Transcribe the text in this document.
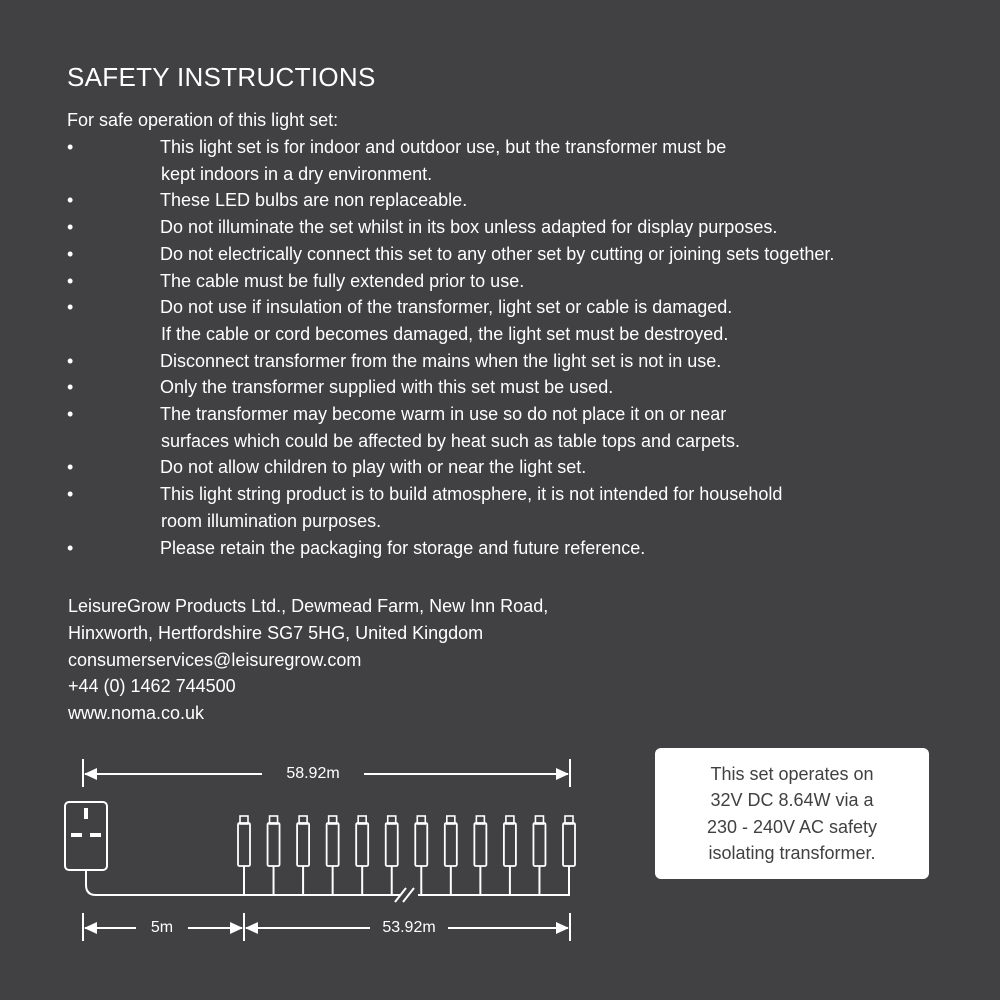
SAFETY INSTRUCTIONS
For safe operation of this light set:
•	This light set is for indoor and outdoor use, but the transformer must be
kept indoors in a dry environment.
•	These LED bulbs are non replaceable.
•	Do not illuminate the set whilst in its box unless adapted for display purposes.
•	Do not electrically connect this set to any other set by cutting or joining sets together.
•	The cable must be fully extended prior to use.
•	Do not use if insulation of the transformer, light set or cable is damaged.
If the cable or cord becomes damaged, the light set must be destroyed.
•	Disconnect transformer from the mains when the light set is not in use.
•	Only the transformer supplied with this set must be used.
•	The transformer may become warm in use so do not place it on or near
surfaces which could be affected by heat such as table tops and carpets.
•	Do not allow children to play with or near the light set.
•	This light string product is to build atmosphere, it is not intended for household
room illumination purposes.
•	Please retain the packaging for storage and future reference.
LeisureGrow Products Ltd., Dewmead Farm, New Inn Road,
Hinxworth, Hertfordshire SG7 5HG, United Kingdom
consumerservices@leisuregrow.com
+44 (0) 1462 744500
www.noma.co.uk
58.92m
5m	53.92m
This set operates on
32V DC 8.64W via a
230 - 240V AC safety
isolating transformer.
